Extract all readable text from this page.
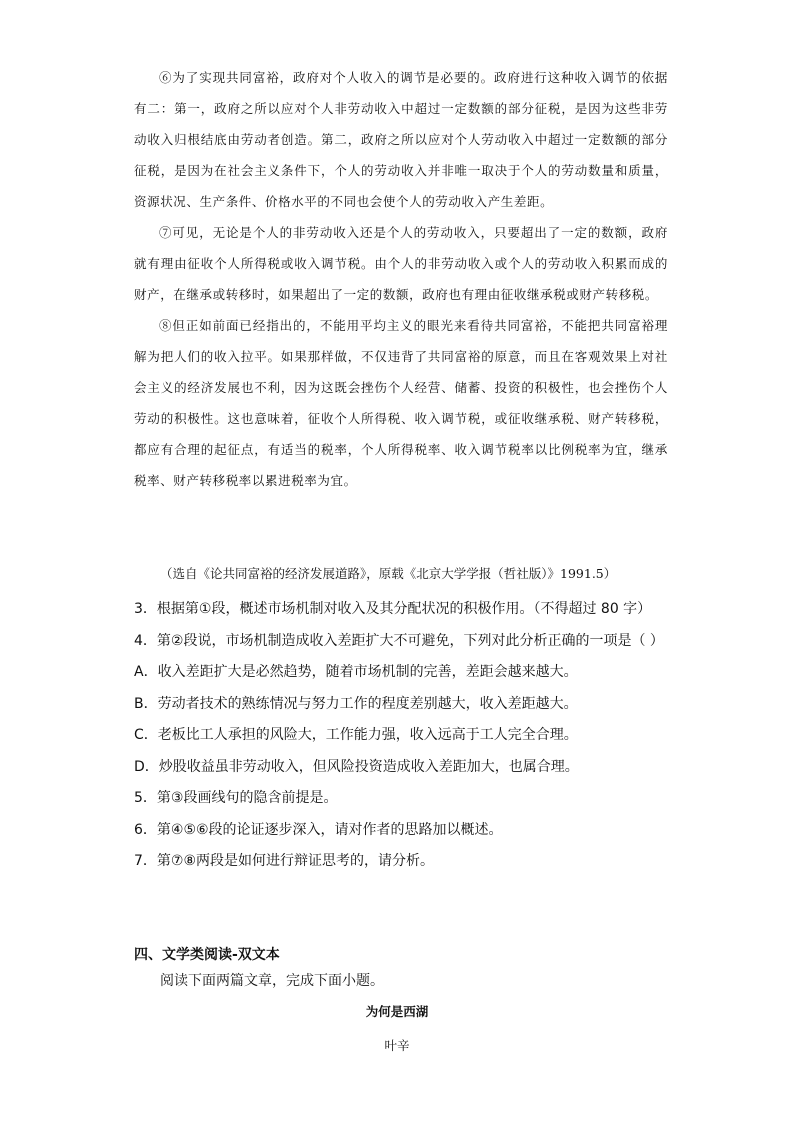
⑥为了实现共同富裕，政府对个人收入的调节是必要的。政府进行这种收入调节的依据有二：第一，政府之所以应对个人非劳动收入中超过一定数额的部分征税，是因为这些非劳动收入归根结底由劳动者创造。第二，政府之所以应对个人劳动收入中超过一定数额的部分征税，是因为在社会主义条件下，个人的劳动收入并非唯一取决于个人的劳动数量和质量，资源状况、生产条件、价格水平的不同也会使个人的劳动收入产生差距。

⑦可见，无论是个人的非劳动收入还是个人的劳动收入，只要超出了一定的数额，政府就有理由征收个人所得税或收入调节税。由个人的非劳动收入或个人的劳动收入积累而成的财产，在继承或转移时，如果超出了一定的数额，政府也有理由征收继承税或财产转移税。

⑧但正如前面已经指出的，不能用平均主义的眼光来看待共同富裕，不能把共同富裕理解为把人们的收入拉平。如果那样做，不仅违背了共同富裕的原意，而且在客观效果上对社会主义的经济发展也不利，因为这既会挫伤个人经营、储蓄、投资的积极性，也会挫伤个人劳动的积极性。这也意味着，征收个人所得税、收入调节税，或征收继承税、财产转移税，都应有合理的起征点，有适当的税率，个人所得税率、收入调节税率以比例税率为宜，继承税率、财产转移税率以累进税率为宜。

（选自《论共同富裕的经济发展道路》，原载《北京大学学报（哲社版）》1991.5）
3．根据第①段，概述市场机制对收入及其分配状况的积极作用。（不得超过 80 字）
4．第②段说，市场机制造成收入差距扩大不可避免，下列对此分析正确的一项是（ ）
A．收入差距扩大是必然趋势，随着市场机制的完善，差距会越来越大。
B．劳动者技术的熟练情况与努力工作的程度差别越大，收入差距越大。
C．老板比工人承担的风险大，工作能力强，收入远高于工人完全合理。
D．炒股收益虽非劳动收入，但风险投资造成收入差距加大，也属合理。
5．第③段画线句的隐含前提是。
6．第④⑤⑥段的论证逐步深入，请对作者的思路加以概述。
7．第⑦⑧两段是如何进行辩证思考的，请分析。
四、文学类阅读-双文本
阅读下面两篇文章，完成下面小题。
为何是西湖
叶辛
